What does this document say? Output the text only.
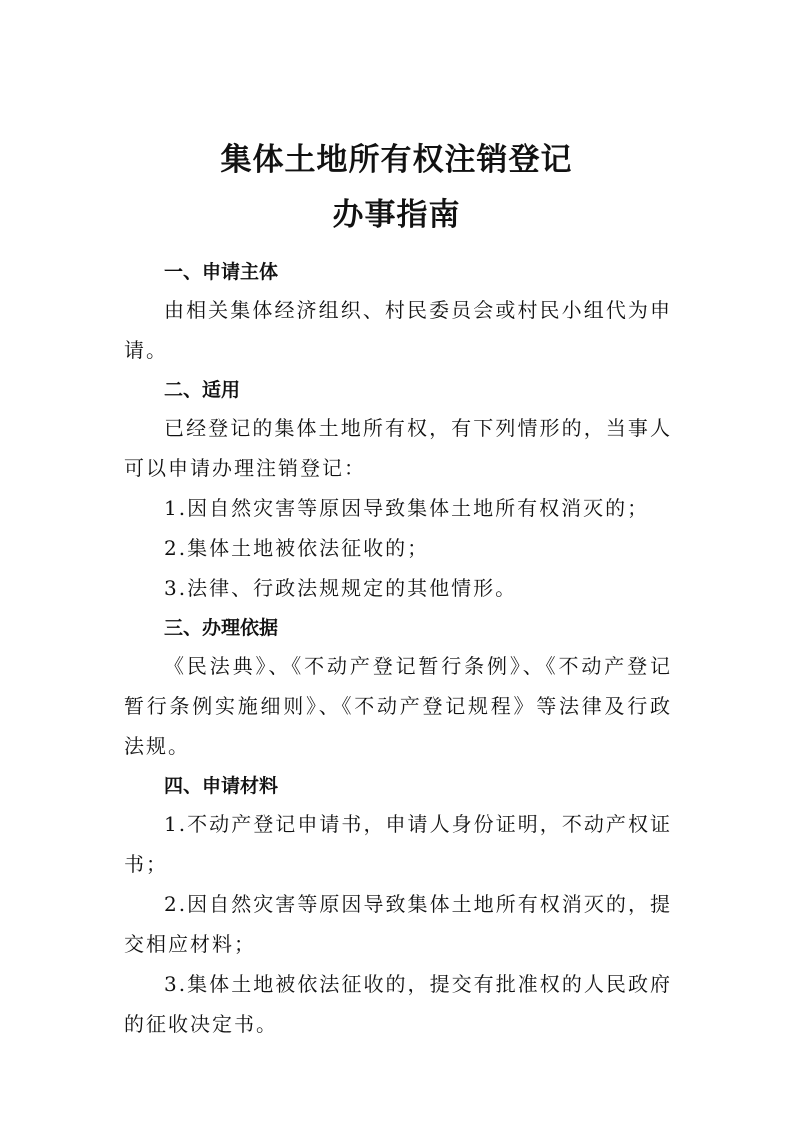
集体土地所有权注销登记
办事指南

一、申请主体

由相关集体经济组织、村民委员会或村民小组代为申请。

二、适用

已经登记的集体土地所有权，有下列情形的，当事人可以申请办理注销登记：

1.因自然灾害等原因导致集体土地所有权消灭的；

2.集体土地被依法征收的；

3.法律、行政法规规定的其他情形。

三、办理依据

《民法典》、《不动产登记暂行条例》、《不动产登记暂行条例实施细则》、《不动产登记规程》等法律及行政法规。

四、申请材料

1.不动产登记申请书，申请人身份证明，不动产权证书；

2.因自然灾害等原因导致集体土地所有权消灭的，提交相应材料；

3.集体土地被依法征收的，提交有批准权的人民政府的征收决定书。
